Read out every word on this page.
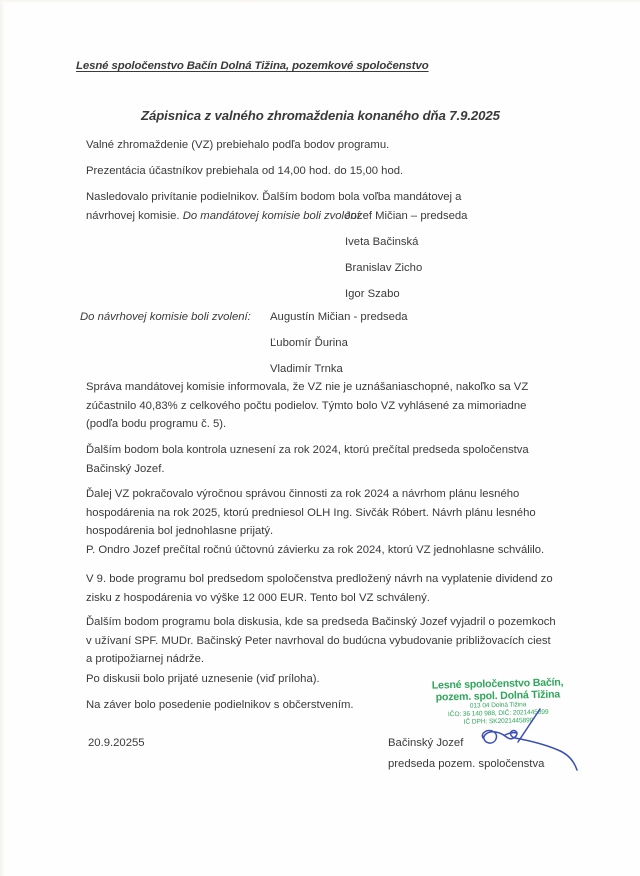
Lesné spoločenstvo Bačín Dolná Tižina, pozemkové spoločenstvo
Zápisnica z valného zhromaždenia konaného dňa 7.9.2025
Valné zhromaždenie (VZ) prebiehalo podľa bodov programu.
Prezentácia účastníkov prebiehala od 14,00 hod. do 15,00 hod.
Nasledovalo privítanie podielnikov. Ďalším bodom bola voľba mandátovej a návrhovej komisie. Do mandátovej komisie boli zvolení:
Jozef Mičian – predseda
Iveta Bačinská
Branislav Zicho
Igor Szabo
Do návrhovej komisie boli zvolení: Augustín Mičian - predseda
Ľubomír Ďurina
Vladimír Trnka
Správa mandátovej komisie informovala, že VZ nie je uznášaniaschopné, nakoľko sa VZ zúčastnilo 40,83% z celkového počtu podielov. Týmto bolo VZ vyhlásené za mimoriadne (podľa bodu programu č. 5).
Ďalším bodom bola kontrola uznesení za rok 2024, ktorú prečítal predseda spoločenstva Bačinský Jozef.
Ďalej VZ pokračovalo výročnou správou činnosti za rok 2024 a návrhom plánu lesného hospodárenia na rok 2025, ktorú predniesol OLH Ing. Sivčák Róbert. Návrh plánu lesného hospodárenia bol jednohlasne prijatý.
P. Ondro Jozef prečítal ročnú účtovnú závierku za rok 2024, ktorú VZ jednohlasne schválilo.
V 9. bode programu bol predsedom spoločenstva predložený návrh na vyplatenie dividend zo zisku z hospodárenia vo výške 12 000 EUR. Tento bol VZ schválený.
Ďalším bodom programu bola diskusia, kde sa predseda Bačinský Jozef vyjadril o pozemkoch v užívaní SPF. MUDr. Bačinský Peter navrhoval do budúcna vybudovanie približovacích ciest a protipožiarnej nádrže.
Po diskusii bolo prijaté uznesenie (viď príloha).
Na záver bolo posedenie podielnikov s občerstvením.
20.9.20255	Bačinský Jozef
predseda pozem. spoločenstva
Lesné spoločenstvo Bačín,
pozem. spol. Dolná Tižina
013 04 Dolná Tižina
IČO: 36 140 988, DIČ: 2021445899
IČ DPH: SK2021445899
